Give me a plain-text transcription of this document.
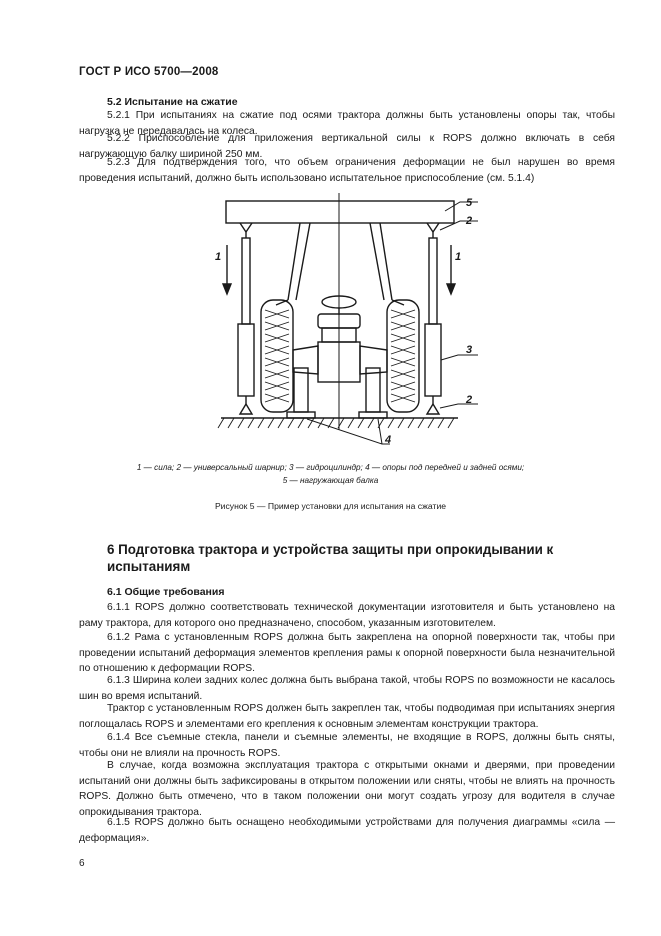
ГОСТ Р ИСО 5700—2008
5.2 Испытание на сжатие
5.2.1 При испытаниях на сжатие под осями трактора должны быть установлены опоры так, чтобы нагрузка не передавалась на колеса.
5.2.2 Приспособление для приложения вертикальной силы к ROPS должно включать в себя нагружающую балку шириной 250 мм.
5.2.3 Для подтверждения того, что объем ограничения деформации не был нарушен во время проведения испытаний, должно быть использовано испытательное приспособление (см. 5.1.4)
5
2
3
2
4
1	1
1 — сила; 2 — универсальный шарнир; 3 — гидроцилиндр; 4 — опоры под передней и задней осями;
5 — нагружающая балка
Рисунок 5 — Пример установки для испытания на сжатие
6 Подготовка трактора и устройства защиты при опрокидывании к испытаниям
6.1 Общие требования
6.1.1 ROPS должно соответствовать технической документации изготовителя и быть установлено на раму трактора, для которого оно предназначено, способом, указанным изготовителем.
6.1.2 Рама с установленным ROPS должна быть закреплена на опорной поверхности так, чтобы при проведении испытаний деформация элементов крепления рамы к опорной поверхности была незначительной по отношению к деформации ROPS.
6.1.3 Ширина колеи задних колес должна быть выбрана такой, чтобы ROPS по возможности не касалось шин во время испытаний.
Трактор с установленным ROPS должен быть закреплен так, чтобы подводимая при испытаниях энергия поглощалась ROPS и элементами его крепления к основным элементам конструкции трактора.
6.1.4 Все съемные стекла, панели и съемные элементы, не входящие в ROPS, должны быть сняты, чтобы они не влияли на прочность ROPS.
В случае, когда возможна эксплуатация трактора с открытыми окнами и дверями, при проведении испытаний они должны быть зафиксированы в открытом положении или сняты, чтобы не влиять на прочность ROPS. Должно быть отмечено, что в таком положении они могут создать угрозу для водителя в случае опрокидывания трактора.
6.1.5 ROPS должно быть оснащено необходимыми устройствами для получения диаграммы «сила — деформация».
6
